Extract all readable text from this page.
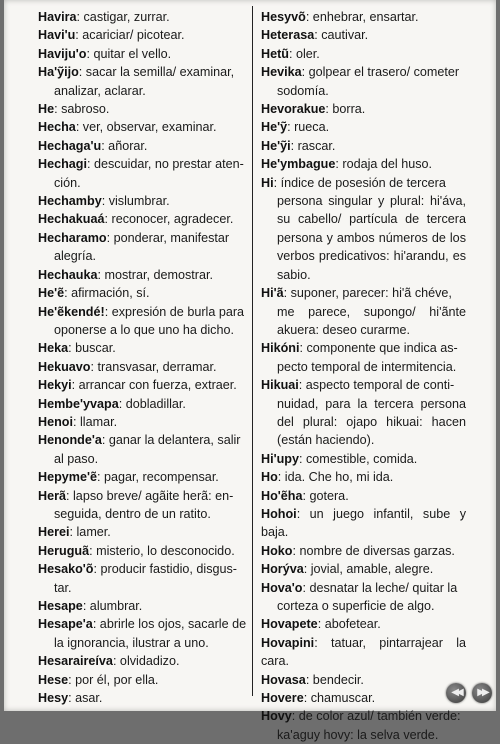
Havira: castigar, zurrar.
Havi'u: acariciar/ picotear.
Haviju'o: quitar el vello.
Ha'ỹijo: sacar la semilla/ examinar,
analizar, aclarar.
He: sabroso.
Hecha: ver, observar, examinar.
Hechaga'u: añorar.
Hechagi: descuidar, no prestar aten-
ción.
Hechamby: vislumbrar.
Hechakuaá: reconocer, agradecer.
Hecharamo: ponderar, manifestar
alegría.
Hechauka: mostrar, demostrar.
He'ẽ: afirmación, sí.
He'ẽkendé!: expresión de burla para
oponerse a lo que uno ha dicho.
Heka: buscar.
Hekuavo: transvasar, derramar.
Hekyi: arrancar con fuerza, extraer.
Hembe'yvapa: dobladillar.
Henoi: llamar.
Henonde'a: ganar la delantera, salir
al paso.
Hepyme'ẽ: pagar, recompensar.
Herã: lapso breve/ agãite herã: en-
seguida, dentro de un ratito.
Herei: lamer.
Heruguã: misterio, lo desconocido.
Hesako'õ: producir fastidio, disgus-
tar.
Hesape: alumbrar.
Hesape'a: abrirle los ojos, sacarle de
la ignorancia, ilustrar a uno.
Hesaraireíva: olvidadizo.
Hese: por él, por ella.
Hesy: asar.
Hesyvõ: enhebrar, ensartar.
Heterasa: cautivar.
Hetũ: oler.
Hevika: golpear el trasero/ cometer
sodomía.
Hevorakue: borra.
He'ỹ: rueca.
He'ỹi: rascar.
He'ymbague: rodaja del huso.
Hi: índice de posesión de tercera
persona singular y plural: hi'áva, su cabello/ partícula de tercera persona y ambos números de los verbos predicativos: hi'arandu, es sabio.
Hi'ã: suponer, parecer: hi'ã chéve,
me parece, supongo/ hi'ãnte akuera: deseo curarme.
Hikóni: componente que indica as-
pecto temporal de intermitencia.
Hikuai: aspecto temporal de conti-
nuidad, para la tercera persona del plural: ojapo hikuai: hacen (están haciendo).
Hi'upy: comestible, comida.
Ho: ida. Che ho, mi ida.
Ho'ẽha: gotera.
Hohoi: un juego infantil, sube y baja.
Hoko: nombre de diversas garzas.
Horýva: jovial, amable, alegre.
Hova'o: desnatar la leche/ quitar la
corteza o superficie de algo.
Hovapete: abofetear.
Hovapini: tatuar, pintarrajear la cara.
Hovasa: bendecir.
Hovere: chamuscar.
Hovy: de color azul/ también verde:
ka'aguy hovy: la selva verde.
◀◀	▶▶
